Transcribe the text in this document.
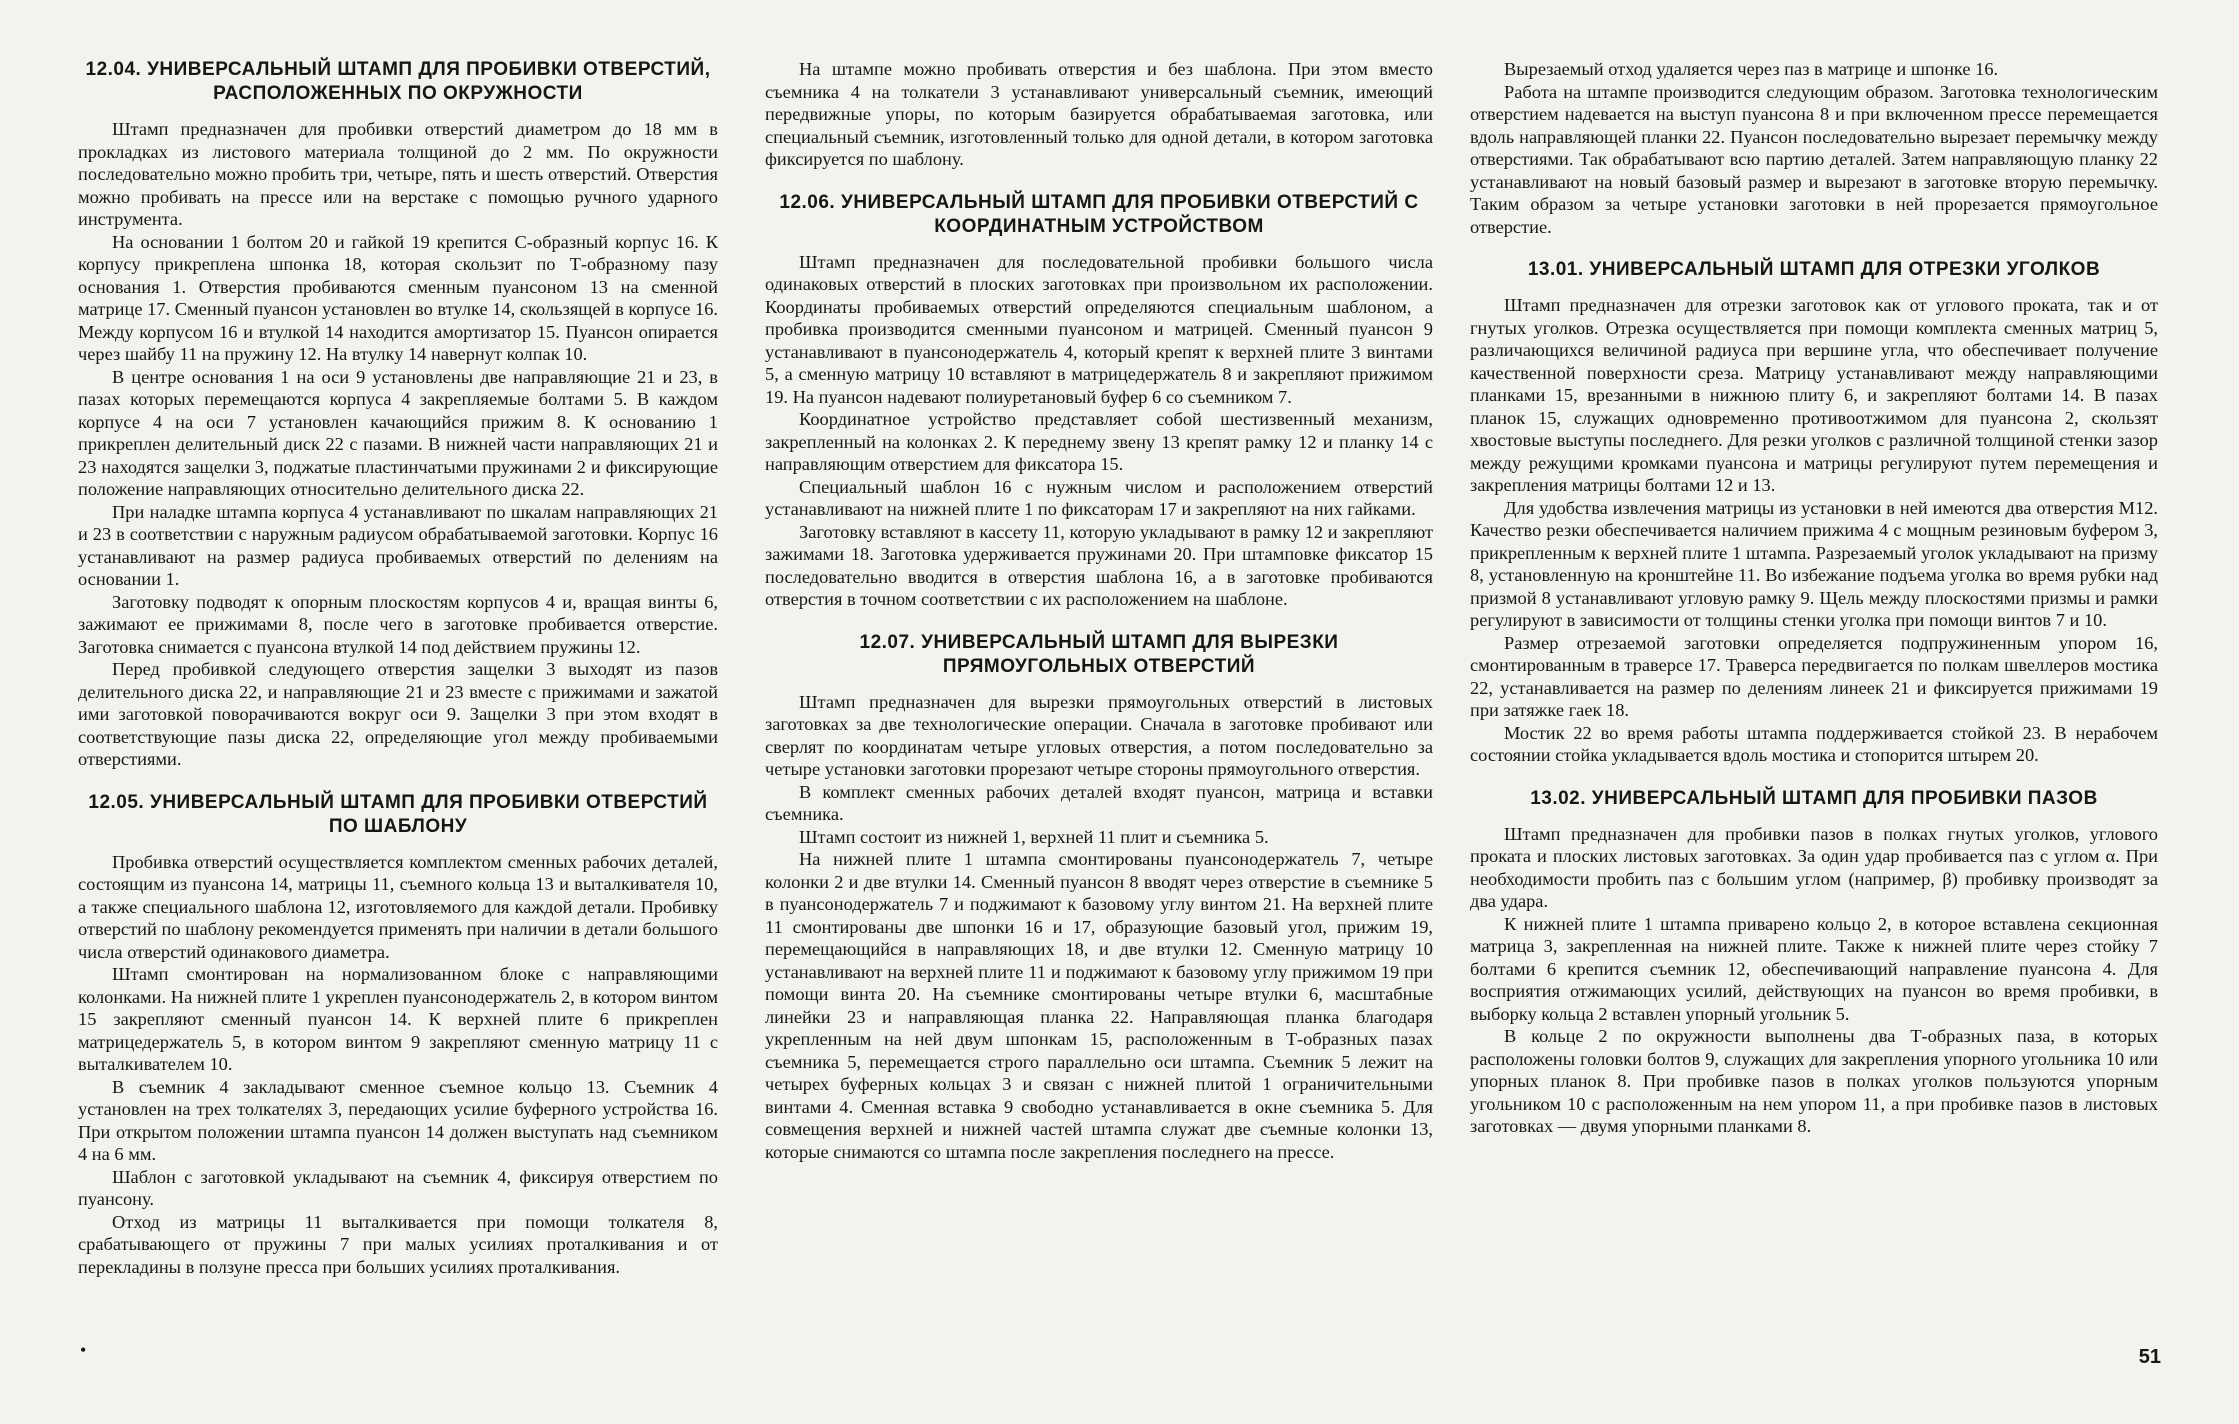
12.04. УНИВЕРСАЛЬНЫЙ ШТАМП ДЛЯ ПРОБИВКИ ОТВЕРСТИЙ, РАСПОЛОЖЕННЫХ ПО ОКРУЖНОСТИ

Штамп предназначен для пробивки отверстий диаметром до 18 мм в прокладках из листового материала толщиной до 2 мм. По окружности последовательно можно пробить три, четыре, пять и шесть отверстий. Отверстия можно пробивать на прессе или на верстаке с помощью ручного ударного инструмента.

На основании 1 болтом 20 и гайкой 19 крепится С-образный корпус 16. К корпусу прикреплена шпонка 18, которая скользит по Т-образному пазу основания 1. Отверстия пробиваются сменным пуансоном 13 на сменной матрице 17. Сменный пуансон установлен во втулке 14, скользящей в корпусе 16. Между корпусом 16 и втулкой 14 находится амортизатор 15. Пуансон опирается через шайбу 11 на пружину 12. На втулку 14 навернут колпак 10.

В центре основания 1 на оси 9 установлены две направляющие 21 и 23, в пазах которых перемещаются корпуса 4 закрепляемые болтами 5. В каждом корпусе 4 на оси 7 установлен качающийся прижим 8. К основанию 1 прикреплен делительный диск 22 с пазами. В нижней части направляющих 21 и 23 находятся защелки 3, поджатые пластинчатыми пружинами 2 и фиксирующие положение направляющих относительно делительного диска 22.

При наладке штампа корпуса 4 устанавливают по шкалам направляющих 21 и 23 в соответствии с наружным радиусом обрабатываемой заготовки. Корпус 16 устанавливают на размер радиуса пробиваемых отверстий по делениям на основании 1.

Заготовку подводят к опорным плоскостям корпусов 4 и, вращая винты 6, зажимают ее прижимами 8, после чего в заготовке пробивается отверстие. Заготовка снимается с пуансона втулкой 14 под действием пружины 12.

Перед пробивкой следующего отверстия защелки 3 выходят из пазов делительного диска 22, и направляющие 21 и 23 вместе с прижимами и зажатой ими заготовкой поворачиваются вокруг оси 9. Защелки 3 при этом входят в соответствующие пазы диска 22, определяющие угол между пробиваемыми отверстиями.

12.05. УНИВЕРСАЛЬНЫЙ ШТАМП ДЛЯ ПРОБИВКИ ОТВЕРСТИЙ ПО ШАБЛОНУ

Пробивка отверстий осуществляется комплектом сменных рабочих деталей, состоящим из пуансона 14, матрицы 11, съемного кольца 13 и выталкивателя 10, а также специального шаблона 12, изготовляемого для каждой детали. Пробивку отверстий по шаблону рекомендуется применять при наличии в детали большого числа отверстий одинакового диаметра.

Штамп смонтирован на нормализованном блоке с направляющими колонками. На нижней плите 1 укреплен пуансонодержатель 2, в котором винтом 15 закрепляют сменный пуансон 14. К верхней плите 6 прикреплен матрицедержатель 5, в котором винтом 9 закрепляют сменную матрицу 11 с выталкивателем 10.

В съемник 4 закладывают сменное съемное кольцо 13. Съемник 4 установлен на трех толкателях 3, передающих усилие буферного устройства 16. При открытом положении штампа пуансон 14 должен выступать над съемником 4 на 6 мм.

Шаблон с заготовкой укладывают на съемник 4, фиксируя отверстием по пуансону.

Отход из матрицы 11 выталкивается при помощи толкателя 8, срабатывающего от пружины 7 при малых усилиях проталкивания и от перекладины в ползуне пресса при больших усилиях проталкивания.

На штампе можно пробивать отверстия и без шаблона. При этом вместо съемника 4 на толкатели 3 устанавливают универсальный съемник, имеющий передвижные упоры, по которым базируется обрабатываемая заготовка, или специальный съемник, изготовленный только для одной детали, в котором заготовка фиксируется по шаблону.

12.06. УНИВЕРСАЛЬНЫЙ ШТАМП ДЛЯ ПРОБИВКИ ОТВЕРСТИЙ С КООРДИНАТНЫМ УСТРОЙСТВОМ

Штамп предназначен для последовательной пробивки большого числа одинаковых отверстий в плоских заготовках при произвольном их расположении. Координаты пробиваемых отверстий определяются специальным шаблоном, а пробивка производится сменными пуансоном и матрицей. Сменный пуансон 9 устанавливают в пуансонодержатель 4, который крепят к верхней плите 3 винтами 5, а сменную матрицу 10 вставляют в матрицедержатель 8 и закрепляют прижимом 19. На пуансон надевают полиуретановый буфер 6 со съемником 7.

Координатное устройство представляет собой шестизвенный механизм, закрепленный на колонках 2. К переднему звену 13 крепят рамку 12 и планку 14 с направляющим отверстием для фиксатора 15.

Специальный шаблон 16 с нужным числом и расположением отверстий устанавливают на нижней плите 1 по фиксаторам 17 и закрепляют на них гайками.

Заготовку вставляют в кассету 11, которую укладывают в рамку 12 и закрепляют зажимами 18. Заготовка удерживается пружинами 20. При штамповке фиксатор 15 последовательно вводится в отверстия шаблона 16, а в заготовке пробиваются отверстия в точном соответствии с их расположением на шаблоне.

12.07. УНИВЕРСАЛЬНЫЙ ШТАМП ДЛЯ ВЫРЕЗКИ ПРЯМОУГОЛЬНЫХ ОТВЕРСТИЙ

Штамп предназначен для вырезки прямоугольных отверстий в листовых заготовках за две технологические операции. Сначала в заготовке пробивают или сверлят по координатам четыре угловых отверстия, а потом последовательно за четыре установки заготовки прорезают четыре стороны прямоугольного отверстия.

В комплект сменных рабочих деталей входят пуансон, матрица и вставки съемника.

Штамп состоит из нижней 1, верхней 11 плит и съемника 5.

На нижней плите 1 штампа смонтированы пуансонодержатель 7, четыре колонки 2 и две втулки 14. Сменный пуансон 8 вводят через отверстие в съемнике 5 в пуансонодержатель 7 и поджимают к базовому углу винтом 21. На верхней плите 11 смонтированы две шпонки 16 и 17, образующие базовый угол, прижим 19, перемещающийся в направляющих 18, и две втулки 12. Сменную матрицу 10 устанавливают на верхней плите 11 и поджимают к базовому углу прижимом 19 при помощи винта 20. На съемнике смонтированы четыре втулки 6, масштабные линейки 23 и направляющая планка 22. Направляющая планка благодаря укрепленным на ней двум шпонкам 15, расположенным в Т-образных пазах съемника 5, перемещается строго параллельно оси штампа. Съемник 5 лежит на четырех буферных кольцах 3 и связан с нижней плитой 1 ограничительными винтами 4. Сменная вставка 9 свободно устанавливается в окне съемника 5. Для совмещения верхней и нижней частей штампа служат две съемные колонки 13, которые снимаются со штампа после закрепления последнего на прессе.

Вырезаемый отход удаляется через паз в матрице и шпонке 16.

Работа на штампе производится следующим образом. Заготовка технологическим отверстием надевается на выступ пуансона 8 и при включенном прессе перемещается вдоль направляющей планки 22. Пуансон последовательно вырезает перемычку между отверстиями. Так обрабатывают всю партию деталей. Затем направляющую планку 22 устанавливают на новый базовый размер и вырезают в заготовке вторую перемычку. Таким образом за четыре установки заготовки в ней прорезается прямоугольное отверстие.

13.01. УНИВЕРСАЛЬНЫЙ ШТАМП ДЛЯ ОТРЕЗКИ УГОЛКОВ

Штамп предназначен для отрезки заготовок как от углового проката, так и от гнутых уголков. Отрезка осуществляется при помощи комплекта сменных матриц 5, различающихся величиной радиуса при вершине угла, что обеспечивает получение качественной поверхности среза. Матрицу устанавливают между направляющими планками 15, врезанными в нижнюю плиту 6, и закрепляют болтами 14. В пазах планок 15, служащих одновременно противоотжимом для пуансона 2, скользят хвостовые выступы последнего. Для резки уголков с различной толщиной стенки зазор между режущими кромками пуансона и матрицы регулируют путем перемещения и закрепления матрицы болтами 12 и 13.

Для удобства извлечения матрицы из установки в ней имеются два отверстия М12. Качество резки обеспечивается наличием прижима 4 с мощным резиновым буфером 3, прикрепленным к верхней плите 1 штампа. Разрезаемый уголок укладывают на призму 8, установленную на кронштейне 11. Во избежание подъема уголка во время рубки над призмой 8 устанавливают угловую рамку 9. Щель между плоскостями призмы и рамки регулируют в зависимости от толщины стенки уголка при помощи винтов 7 и 10.

Размер отрезаемой заготовки определяется подпружиненным упором 16, смонтированным в траверсе 17. Траверса передвигается по полкам швеллеров мостика 22, устанавливается на размер по делениям линеек 21 и фиксируется прижимами 19 при затяжке гаек 18.

Мостик 22 во время работы штампа поддерживается стойкой 23. В нерабочем состоянии стойка укладывается вдоль мостика и стопорится штырем 20.

13.02. УНИВЕРСАЛЬНЫЙ ШТАМП ДЛЯ ПРОБИВКИ ПАЗОВ

Штамп предназначен для пробивки пазов в полках гнутых уголков, углового проката и плоских листовых заготовках. За один удар пробивается паз с углом α. При необходимости пробить паз с большим углом (например, β) пробивку производят за два удара.

К нижней плите 1 штампа приварено кольцо 2, в которое вставлена секционная матрица 3, закрепленная на нижней плите. Также к нижней плите через стойку 7 болтами 6 крепится съемник 12, обеспечивающий направление пуансона 4. Для восприятия отжимающих усилий, действующих на пуансон во время пробивки, в выборку кольца 2 вставлен упорный угольник 5.

В кольце 2 по окружности выполнены два Т-образных паза, в которых расположены головки болтов 9, служащих для закрепления упорного угольника 10 или упорных планок 8. При пробивке пазов в полках уголков пользуются упорным угольником 10 с расположенным на нем упором 11, а при пробивке пазов в листовых заготовках — двумя упорными планками 8.

•	51
